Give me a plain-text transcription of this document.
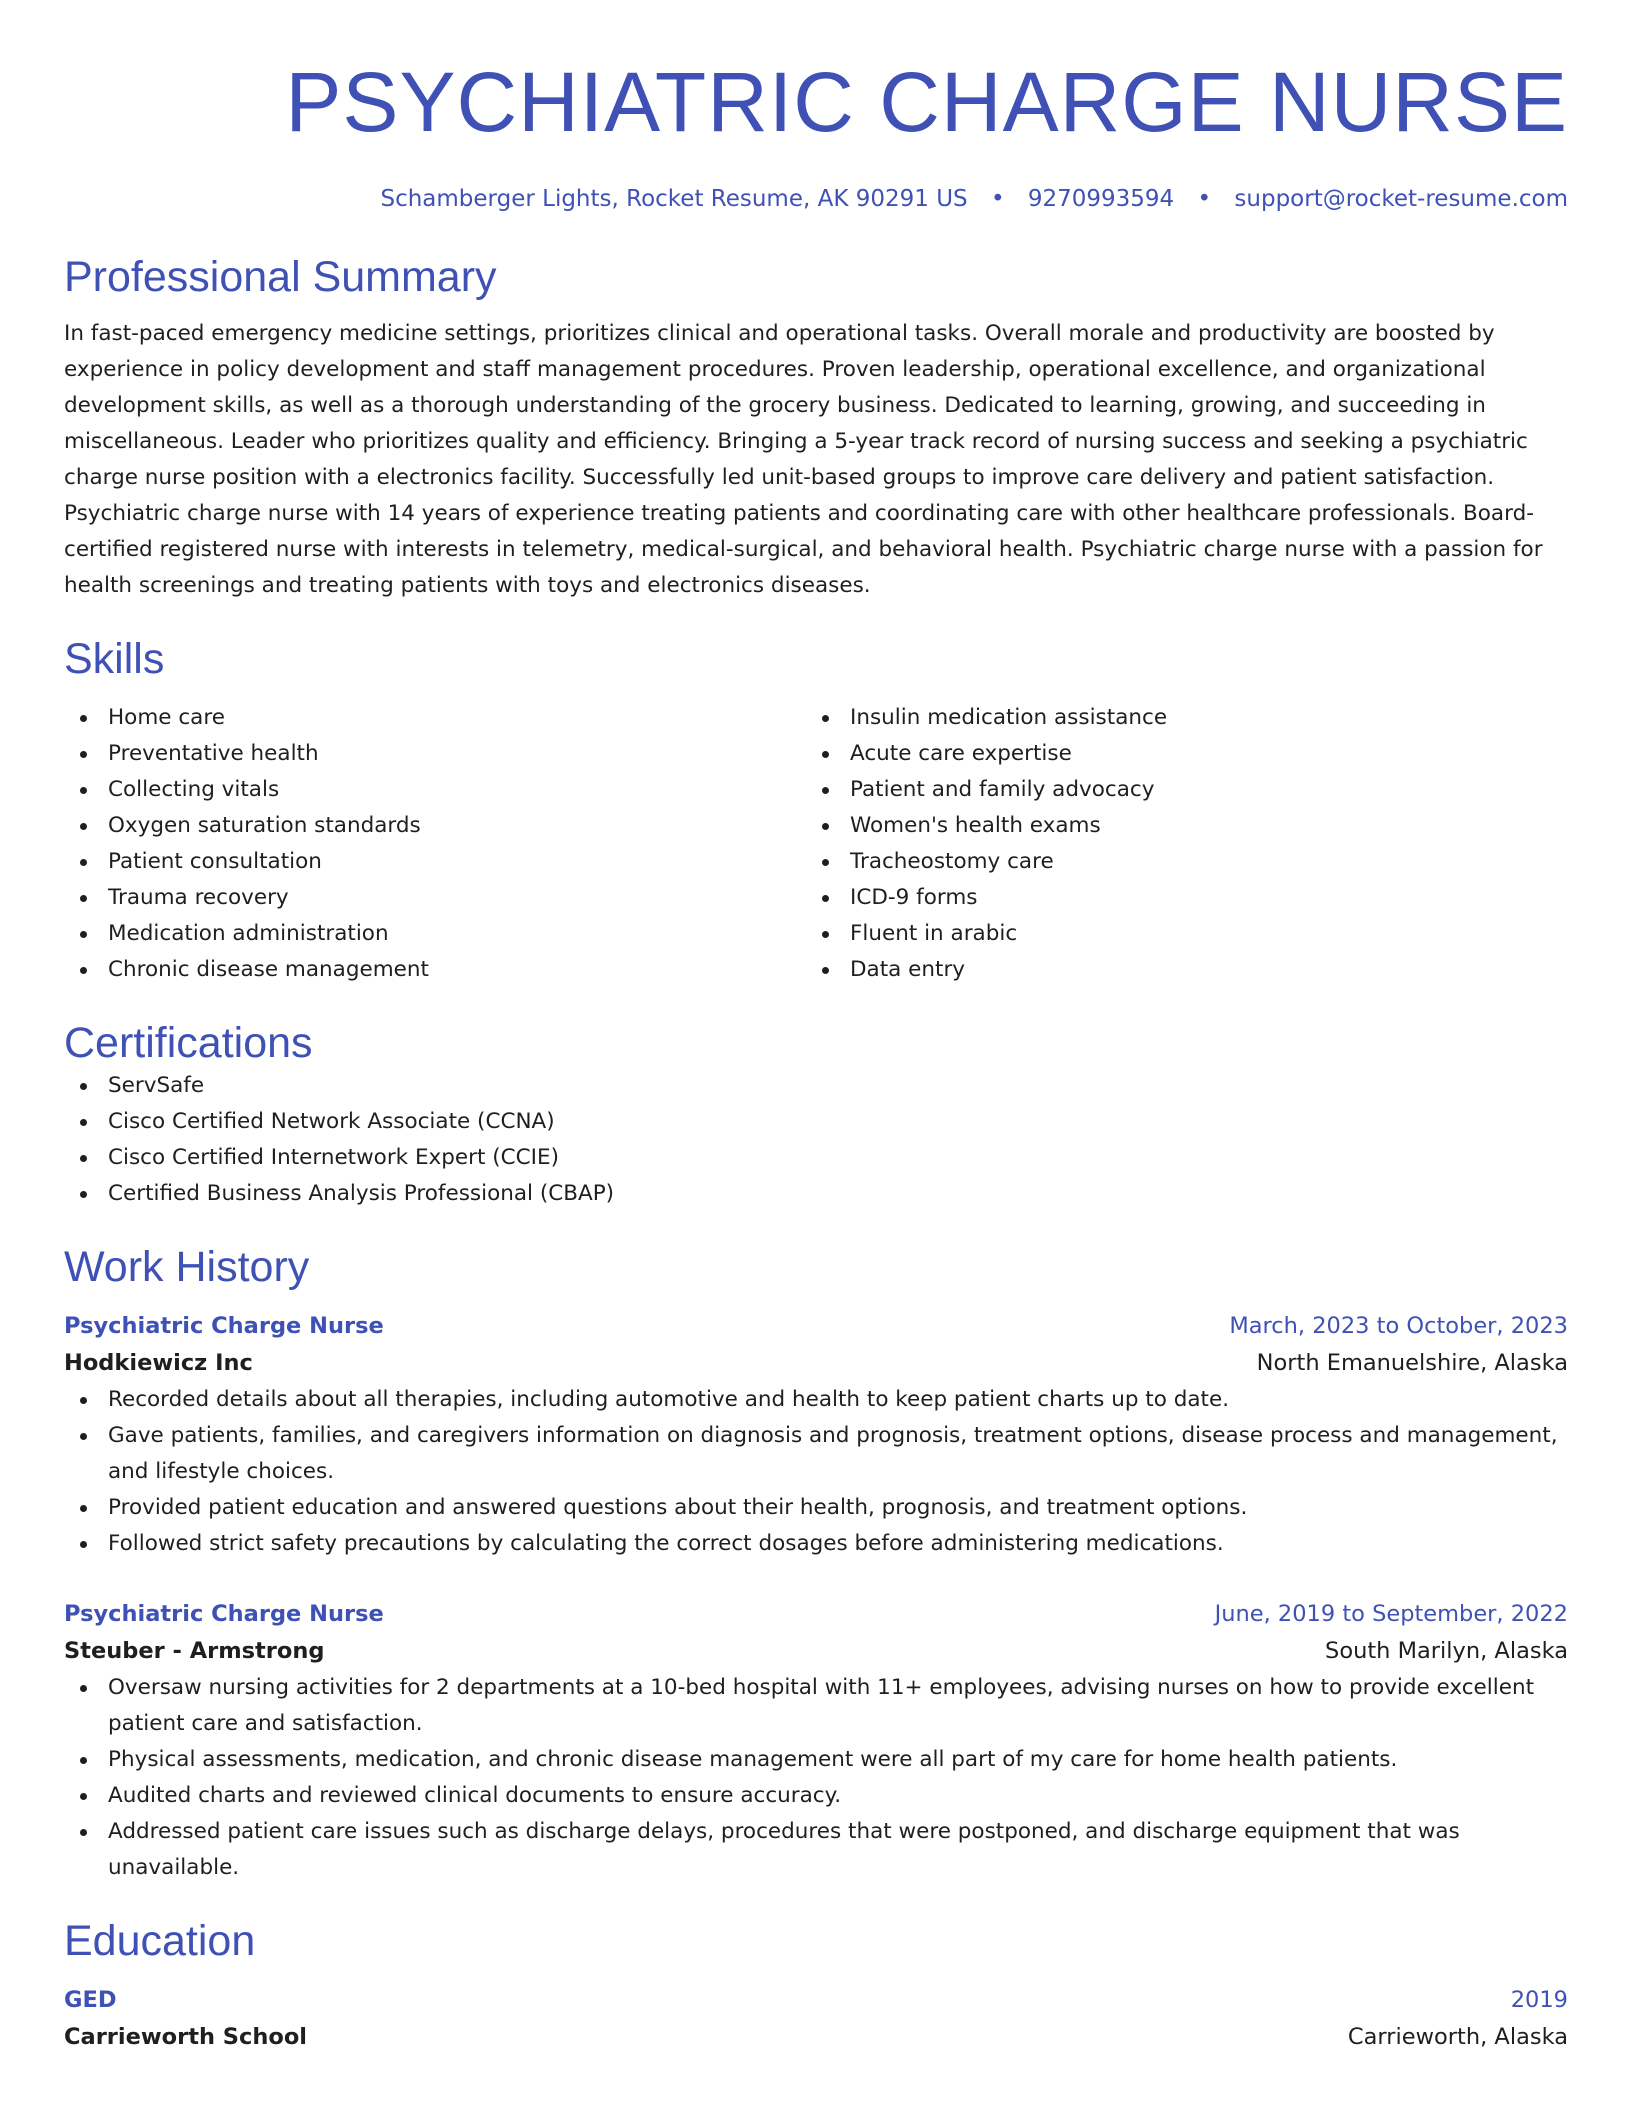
PSYCHIATRIC CHARGE NURSE
Schamberger Lights, Rocket Resume, AK 90291 US • 9270993594 • support@rocket-resume.com
Professional Summary

In fast-paced emergency medicine settings, prioritizes clinical and operational tasks. Overall morale and productivity are boosted by experience in policy development and staff management procedures. Proven leadership, operational excellence, and organizational development skills, as well as a thorough understanding of the grocery business. Dedicated to learning, growing, and succeeding in miscellaneous. Leader who prioritizes quality and efficiency. Bringing a 5-year track record of nursing success and seeking a psychiatric charge nurse position with a electronics facility. Successfully led unit-based groups to improve care delivery and patient satisfaction. Psychiatric charge nurse with 14 years of experience treating patients and coordinating care with other healthcare professionals. Board-certified registered nurse with interests in telemetry, medical-surgical, and behavioral health. Psychiatric charge nurse with a passion for health screenings and treating patients with toys and electronics diseases.

Skills
Home care
Preventative health
Collecting vitals
Oxygen saturation standards
Patient consultation
Trauma recovery
Medication administration
Chronic disease management
Insulin medication assistance
Acute care expertise
Patient and family advocacy
Women's health exams
Tracheostomy care
ICD-9 forms
Fluent in arabic
Data entry
Certifications
ServSafe
Cisco Certified Network Associate (CCNA)
Cisco Certified Internetwork Expert (CCIE)
Certified Business Analysis Professional (CBAP)
Work History
Psychiatric Charge Nurse	March, 2023 to October, 2023
Hodkiewicz Inc	North Emanuelshire, Alaska
Recorded details about all therapies, including automotive and health to keep patient charts up to date.
Gave patients, families, and caregivers information on diagnosis and prognosis, treatment options, disease process and management, and lifestyle choices.
Provided patient education and answered questions about their health, prognosis, and treatment options.
Followed strict safety precautions by calculating the correct dosages before administering medications.
Psychiatric Charge Nurse	June, 2019 to September, 2022
Steuber - Armstrong	South Marilyn, Alaska
Oversaw nursing activities for 2 departments at a 10-bed hospital with 11+ employees, advising nurses on how to provide excellent patient care and satisfaction.
Physical assessments, medication, and chronic disease management were all part of my care for home health patients.
Audited charts and reviewed clinical documents to ensure accuracy.
Addressed patient care issues such as discharge delays, procedures that were postponed, and discharge equipment that was unavailable.
Education
GED	2019
Carrieworth School	Carrieworth, Alaska
